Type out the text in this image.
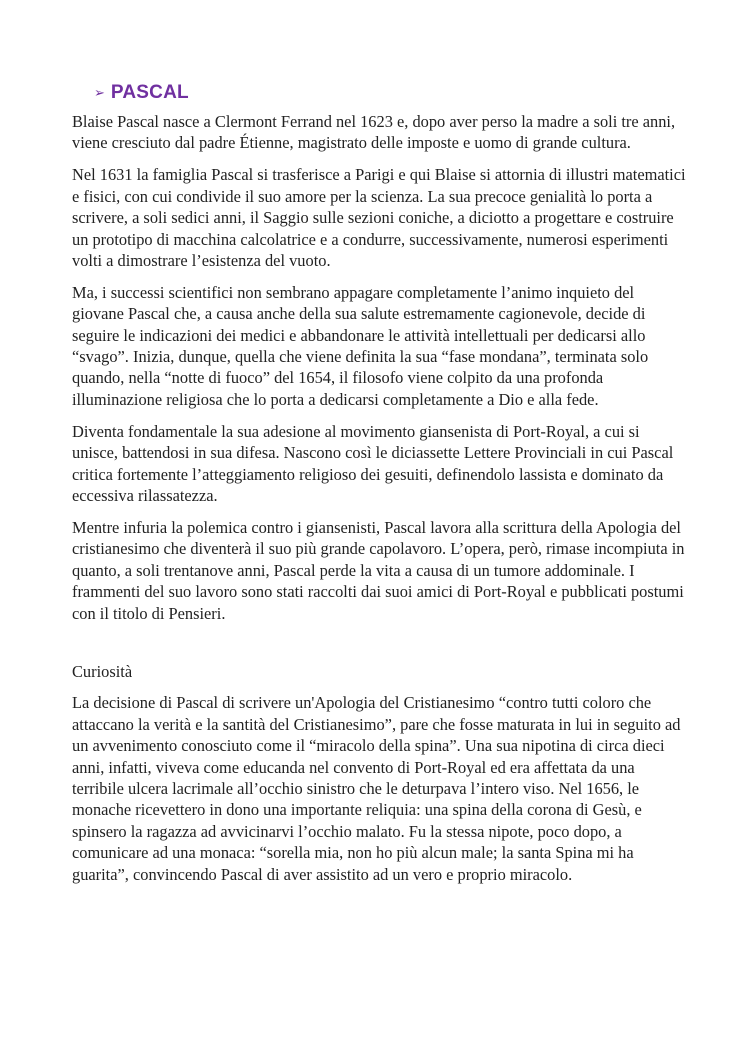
➢ PASCAL

Blaise Pascal nasce a Clermont Ferrand nel 1623 e, dopo aver perso la madre a soli tre anni, viene cresciuto dal padre Étienne, magistrato delle imposte e uomo di grande cultura.

Nel 1631 la famiglia Pascal si trasferisce a Parigi e qui Blaise si attornia di illustri matematici e fisici, con cui condivide il suo amore per la scienza. La sua precoce genialità lo porta a scrivere, a soli sedici anni, il Saggio sulle sezioni coniche, a diciotto a progettare e costruire un prototipo di macchina calcolatrice e a condurre, successivamente, numerosi esperimenti volti a dimostrare l’esistenza del vuoto.

Ma, i successi scientifici non sembrano appagare completamente l’animo inquieto del giovane Pascal che, a causa anche della sua salute estremamente cagionevole, decide di seguire le indicazioni dei medici e abbandonare le attività intellettuali per dedicarsi allo “svago”. Inizia, dunque, quella che viene definita la sua “fase mondana”, terminata solo quando, nella “notte di fuoco” del 1654, il filosofo viene colpito da una profonda illuminazione religiosa che lo porta a dedicarsi completamente a Dio e alla fede.

Diventa fondamentale la sua adesione al movimento giansenista di Port-Royal, a cui si unisce, battendosi in sua difesa. Nascono così le diciassette Lettere Provinciali in cui Pascal critica fortemente l’atteggiamento religioso dei gesuiti, definendolo lassista e dominato da eccessiva rilassatezza.

Mentre infuria la polemica contro i giansenisti, Pascal lavora alla scrittura della Apologia del cristianesimo che diventerà il suo più grande capolavoro. L’opera, però, rimase incompiuta in quanto, a soli trentanove anni, Pascal perde la vita a causa di un tumore addominale. I frammenti del suo lavoro sono stati raccolti dai suoi amici di Port-Royal e pubblicati postumi con il titolo di Pensieri.

Curiosità

La decisione di Pascal di scrivere un'Apologia del Cristianesimo “contro tutti coloro che attaccano la verità e la santità del Cristianesimo”, pare che fosse maturata in lui in seguito ad un avvenimento conosciuto come il “miracolo della spina”. Una sua nipotina di circa dieci anni, infatti, viveva come educanda nel convento di Port-Royal ed era affettata da una terribile ulcera lacrimale all’occhio sinistro che le deturpava l’intero viso. Nel 1656, le monache ricevettero in dono una importante reliquia: una spina della corona di Gesù, e spinsero la ragazza ad avvicinarvi l’occhio malato. Fu la stessa nipote, poco dopo, a comunicare ad una monaca: “sorella mia, non ho più alcun male; la santa Spina mi ha guarita”, convincendo Pascal di aver assistito ad un vero e proprio miracolo.
